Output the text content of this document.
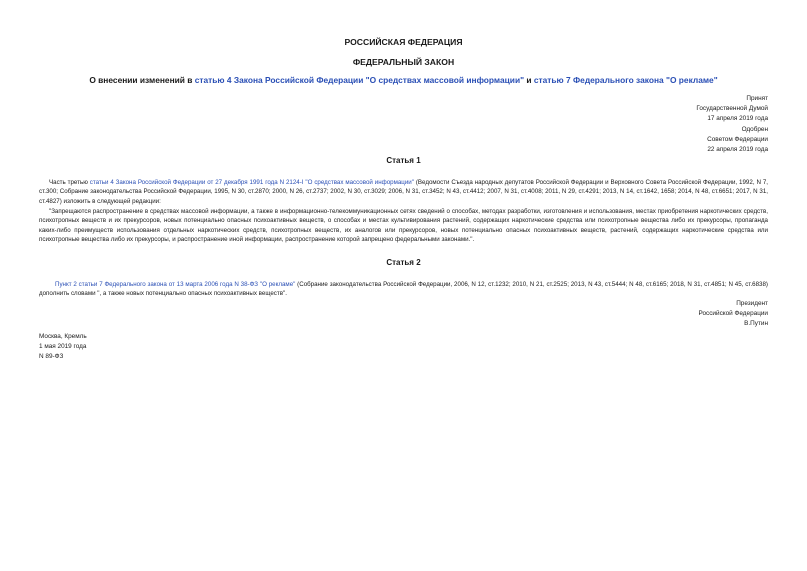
РОССИЙСКАЯ ФЕДЕРАЦИЯ
ФЕДЕРАЛЬНЫЙ ЗАКОН
О внесении изменений в статью 4 Закона Российской Федерации "О средствах массовой информации" и статью 7 Федерального закона "О рекламе"
Принят
Государственной Думой
17 апреля 2019 года
Одобрен
Советом Федерации
22 апреля 2019 года
Статья 1
Часть третью статьи 4 Закона Российской Федерации от 27 декабря 1991 года N 2124-I "О средствах массовой информации" (Ведомости Съезда народных депутатов Российской Федерации и Верховного Совета Российской Федерации, 1992, N 7, ст.300; Собрание законодательства Российской Федерации, 1995, N 30, ст.2870; 2000, N 26, ст.2737; 2002, N 30, ст.3029; 2006, N 31, ст.3452; N 43, ст.4412; 2007, N 31, ст.4008; 2011, N 29, ст.4291; 2013, N 14, ст.1642, 1658; 2014, N 48, ст.6651; 2017, N 31, ст.4827) изложить в следующей редакции:
"Запрещаются распространение в средствах массовой информации, а также в информационно-телекоммуникационных сетях сведений о способах, методах разработки, изготовления и использования, местах приобретения наркотических средств, психотропных веществ и их прекурсоров, новых потенциально опасных психоактивных веществ, о способах и местах культивирования растений, содержащих наркотические средства или психотропные вещества либо их прекурсоры, пропаганда каких-либо преимуществ использования отдельных наркотических средств, психотропных веществ, их аналогов или прекурсоров, новых потенциально опасных психоактивных веществ, растений, содержащих наркотические средства или психотропные вещества либо их прекурсоры, и распространение иной информации, распространение которой запрещено федеральными законами.".
Статья 2
Пункт 2 статьи 7 Федерального закона от 13 марта 2006 года N 38-ФЗ "О рекламе" (Собрание законодательства Российской Федерации, 2006, N 12, ст.1232; 2010, N 21, ст.2525; 2013, N 43, ст.5444; N 48, ст.6165; 2018, N 31, ст.4851; N 45, ст.6838) дополнить словами ", а также новых потенциально опасных психоактивных веществ".
Президент
Российской Федерации
В.Путин
Москва, Кремль
1 мая 2019 года
N 89-ФЗ
